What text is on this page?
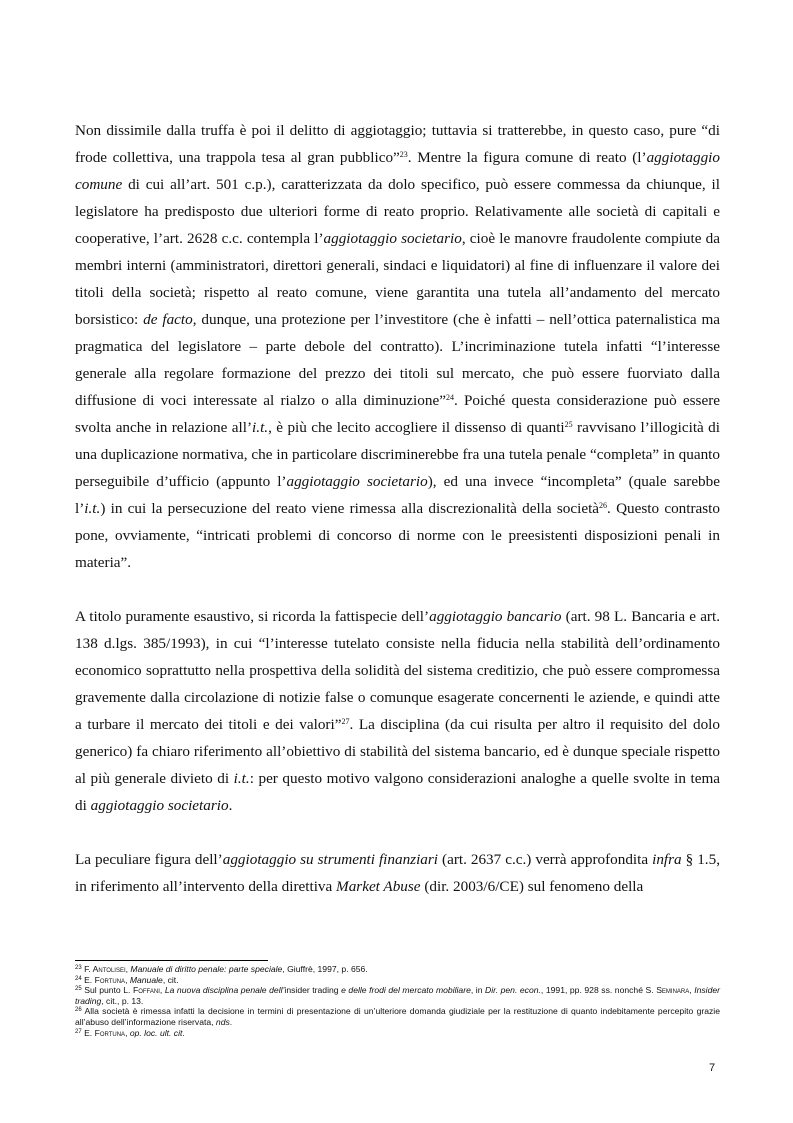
Non dissimile dalla truffa è poi il delitto di aggiotaggio; tuttavia si tratterebbe, in questo caso, pure “di frode collettiva, una trappola tesa al gran pubblico”$^{23}$. Mentre la figura comune di reato (l’aggiotaggio comune di cui all’art. 501 c.p.), caratterizzata da dolo specifico, può essere commessa da chiunque, il legislatore ha predisposto due ulteriori forme di reato proprio. Relativamente alle società di capitali e cooperative, l’art. 2628 c.c. contempla l’aggiotaggio societario, cioè le manovre fraudolente compiute da membri interni (amministratori, direttori generali, sindaci e liquidatori) al fine di influenzare il valore dei titoli della società; rispetto al reato comune, viene garantita una tutela all’andamento del mercato borsistico: de facto, dunque, una protezione per l’investitore (che è infatti – nell’ottica paternalistica ma pragmatica del legislatore – parte debole del contratto). L’incriminazione tutela infatti “l’interesse generale alla regolare formazione del prezzo dei titoli sul mercato, che può essere fuorviato dalla diffusione di voci interessate al rialzo o alla diminuzione”$^{24}$. Poiché questa considerazione può essere svolta anche in relazione all’i.t., è più che lecito accogliere il dissenso di quanti$^{25}$ ravvisano l’illogicità di una duplicazione normativa, che in particolare discriminerebbe fra una tutela penale “completa” in quanto perseguibile d’ufficio (appunto l’aggiotaggio societario), ed una invece “incompleta” (quale sarebbe l’i.t.) in cui la persecuzione del reato viene rimessa alla discrezionalità della società$^{26}$. Questo contrasto pone, ovviamente, “intricati problemi di concorso di norme con le preesistenti disposizioni penali in materia”.

A titolo puramente esaustivo, si ricorda la fattispecie dell’aggiotaggio bancario (art. 98 L. Bancaria e art. 138 d.lgs. 385/1993), in cui “l’interesse tutelato consiste nella fiducia nella stabilità dell’ordinamento economico soprattutto nella prospettiva della solidità del sistema creditizio, che può essere compromessa gravemente dalla circolazione di notizie false o comunque esagerate concernenti le aziende, e quindi atte a turbare il mercato dei titoli e dei valori”$^{27}$. La disciplina (da cui risulta per altro il requisito del dolo generico) fa chiaro riferimento all’obiettivo di stabilità del sistema bancario, ed è dunque speciale rispetto al più generale divieto di i.t.: per questo motivo valgono considerazioni analoghe a quelle svolte in tema di aggiotaggio societario.

La peculiare figura dell’aggiotaggio su strumenti finanziari (art. 2637 c.c.) verrà approfondita infra § 1.5, in riferimento all’intervento della direttiva Market Abuse (dir. 2003/6/CE) sul fenomeno della

$^{23}$ F. Antolisei, Manuale di diritto penale: parte speciale, Giuffrè, 1997, p. 656.

$^{24}$ E. Fortuna, Manuale, cit.

$^{25}$ Sul punto L. Foffani, La nuova disciplina penale dell’insider trading e delle frodi del mercato mobiliare, in Dir. pen. econ., 1991, pp. 928 ss. nonché S. Seminara, Insider trading, cit., p. 13.

$^{26}$ Alla società è rimessa infatti la decisione in termini di presentazione di un’ulteriore domanda giudiziale per la restituzione di quanto indebitamente percepito grazie all’abuso dell’informazione riservata, nds.

$^{27}$ E. Fortuna, op. loc. ult. cit.

7
